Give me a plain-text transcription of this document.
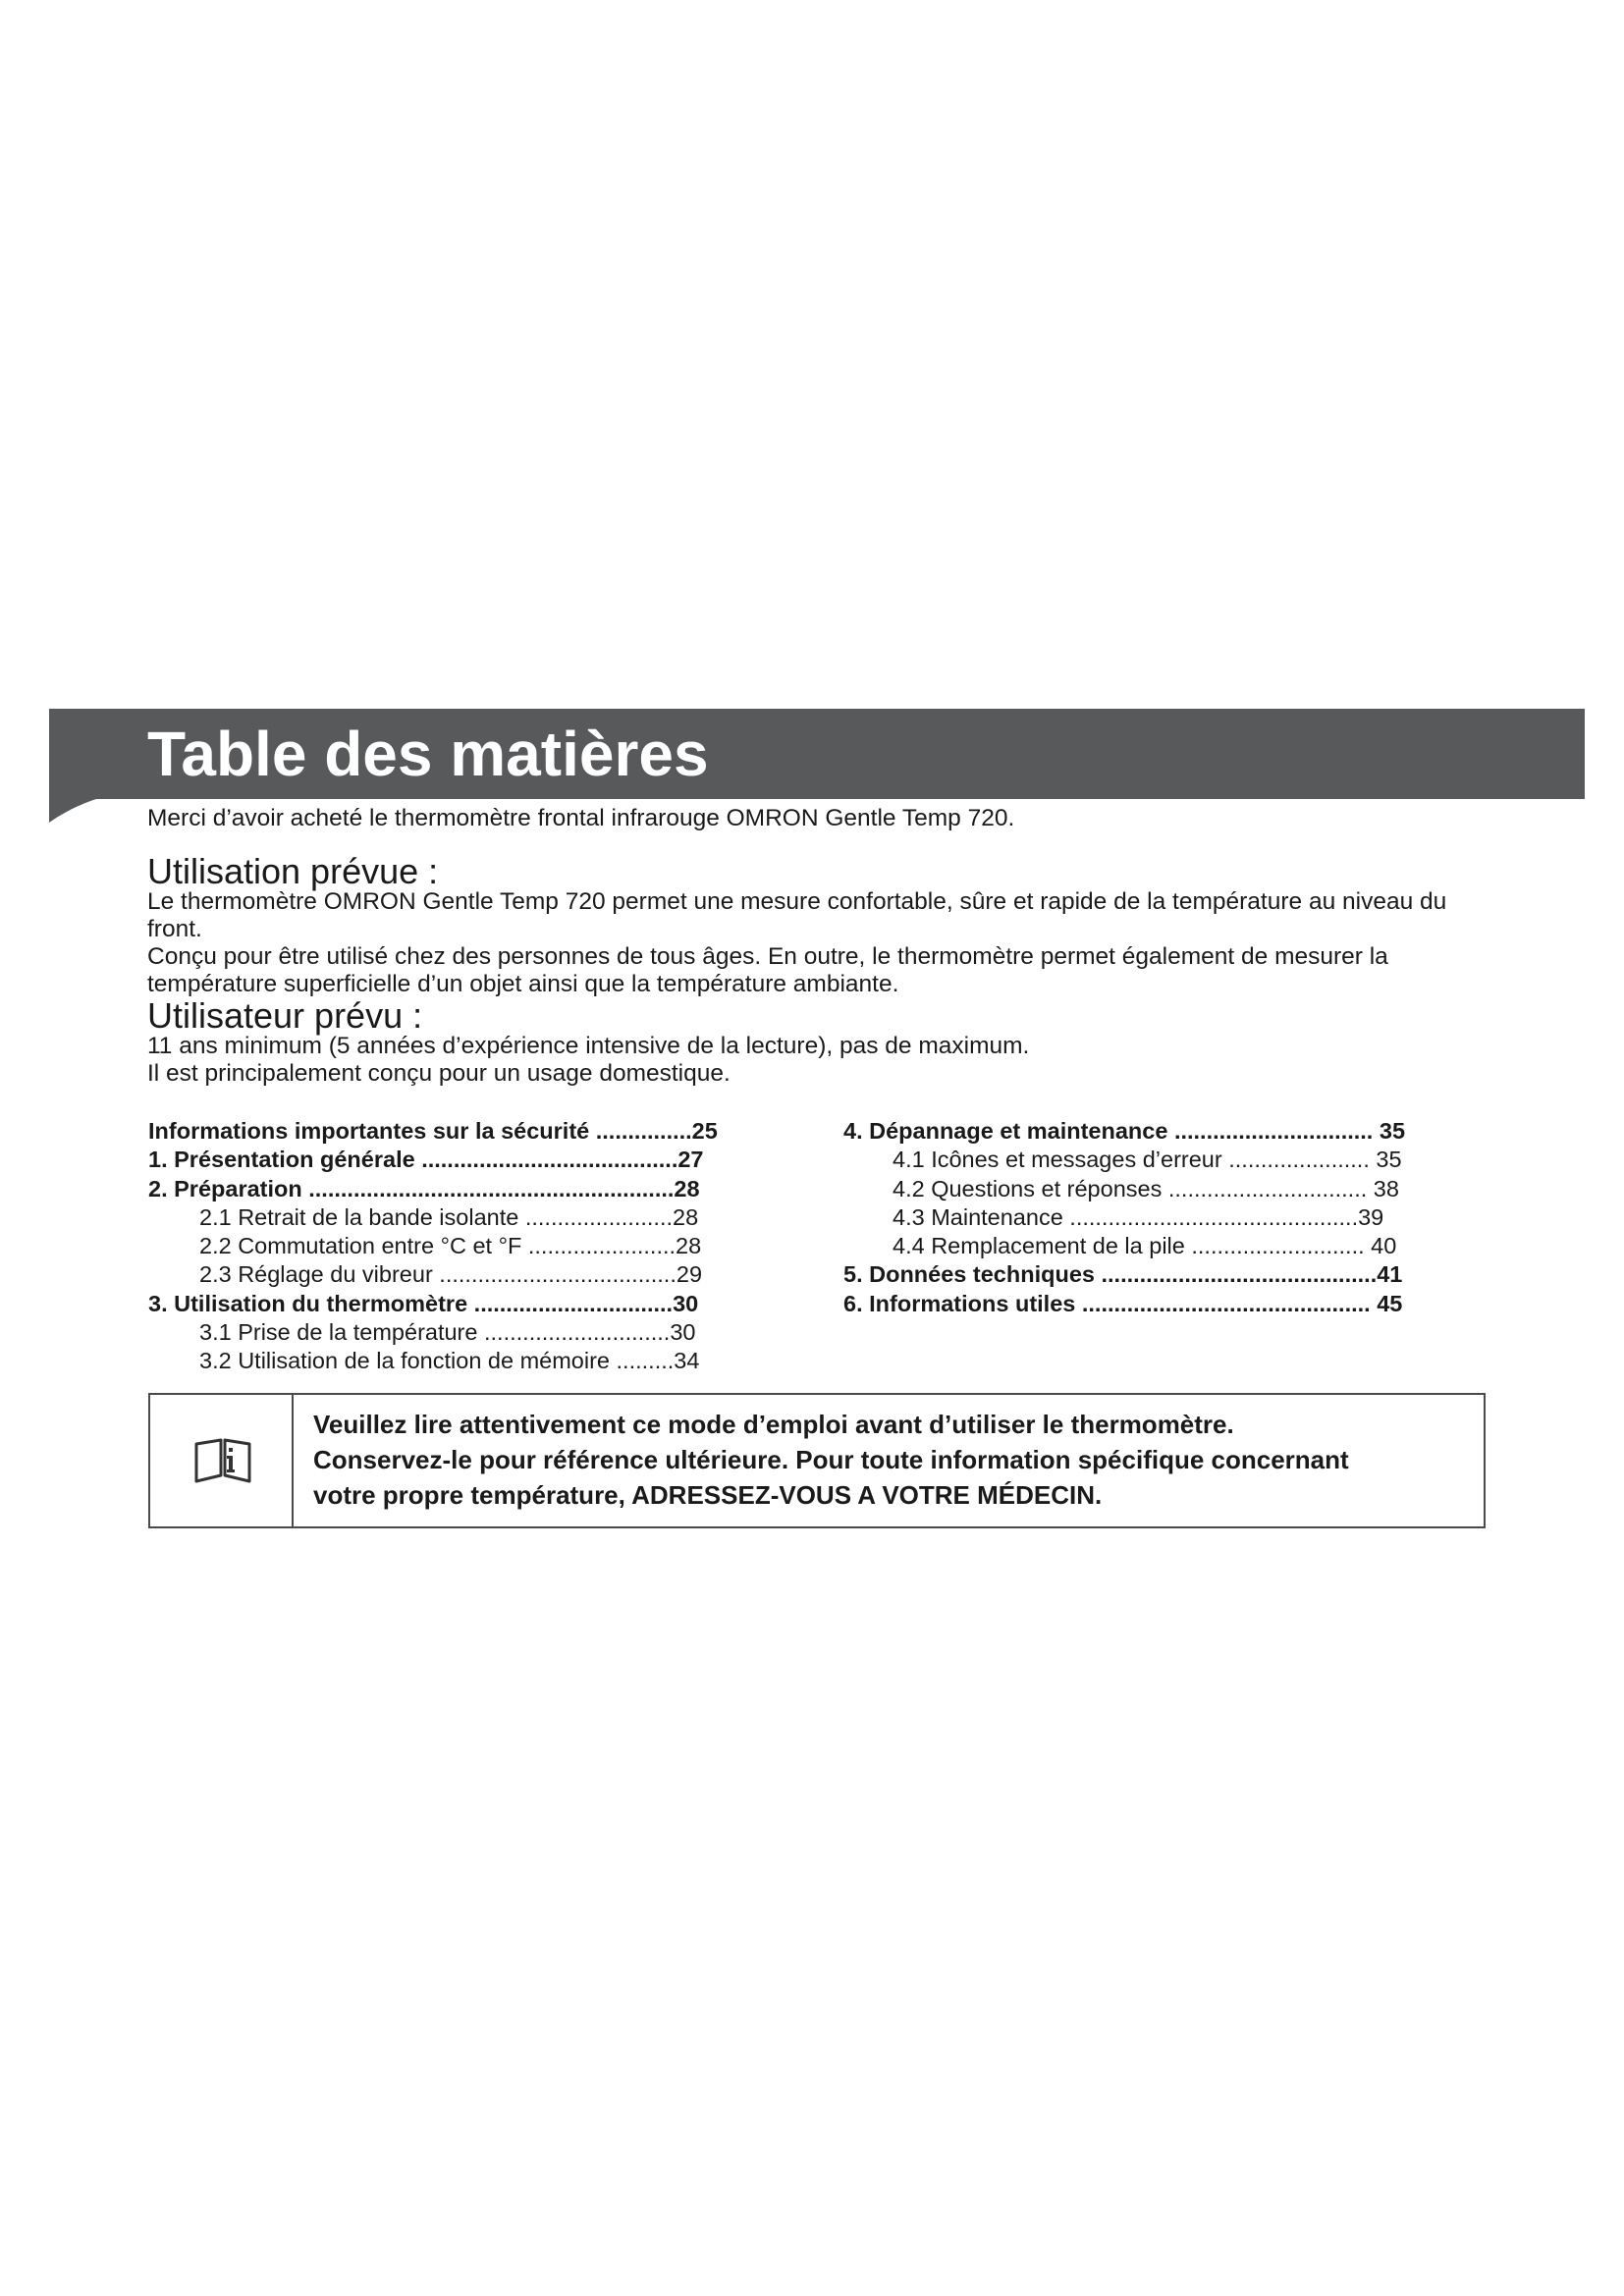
Table des matières
Merci d’avoir acheté le thermomètre frontal infrarouge OMRON Gentle Temp 720.
Utilisation prévue :

Le thermomètre OMRON Gentle Temp 720 permet une mesure confortable, sûre et rapide de la température au niveau du front.

Conçu pour être utilisé chez des personnes de tous âges. En outre, le thermomètre permet également de mesurer la température superficielle d’un objet ainsi que la température ambiante.

Utilisateur prévu :

11 ans minimum (5 années d’expérience intensive de la lecture), pas de maximum.

Il est principalement conçu pour un usage domestique.

Informations importantes sur la sécurité ...............25
1. Présentation générale ........................................27
2. Préparation .........................................................28
2.1 Retrait de la bande isolante .......................28
2.2 Commutation entre °C et °F .......................28
2.3 Réglage du vibreur .....................................29
3. Utilisation du thermomètre ...............................30
3.1 Prise de la température .............................30
3.2 Utilisation de la fonction de mémoire .........34
4. Dépannage et maintenance ............................... 35
4.1 Icônes et messages d’erreur ...................... 35
4.2 Questions et réponses ............................... 38
4.3 Maintenance .............................................39
4.4 Remplacement de la pile ........................... 40
5. Données techniques ...........................................41
6. Informations utiles ............................................. 45

Veuillez lire attentivement ce mode d’emploi avant d’utiliser le thermomètre.

Conservez-le pour référence ultérieure. Pour toute information spécifique concernant

votre propre température, ADRESSEZ-VOUS A VOTRE MÉDECIN.
